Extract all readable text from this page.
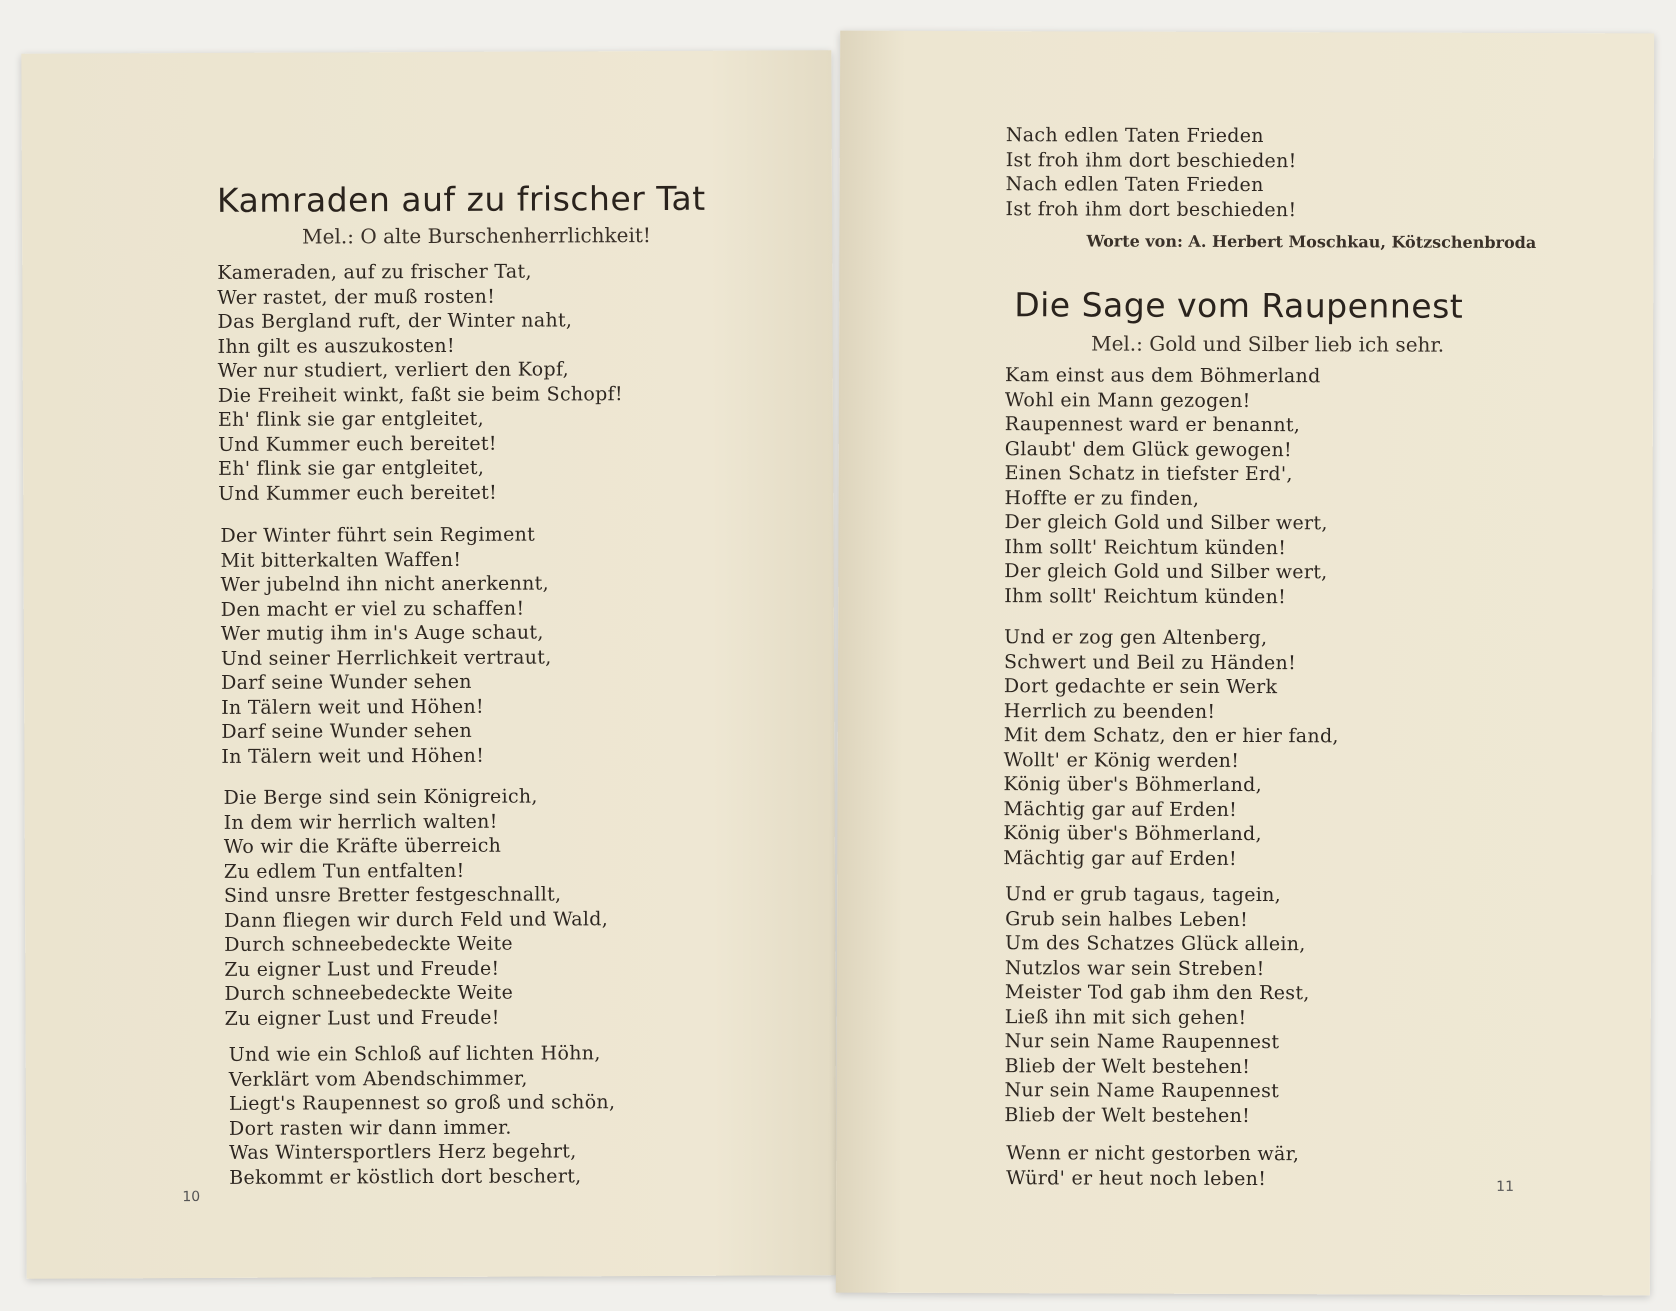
Kamraden auf zu frischer Tat
Mel.: O alte Burschenherrlichkeit!
Kameraden, auf zu frischer Tat,
Wer rastet, der muß rosten!
Das Bergland ruft, der Winter naht,
Ihn gilt es auszukosten!
Wer nur studiert, verliert den Kopf,
Die Freiheit winkt, faßt sie beim Schopf!
Eh' flink sie gar entgleitet,
Und Kummer euch bereitet!
Eh' flink sie gar entgleitet,
Und Kummer euch bereitet!
Der Winter führt sein Regiment
Mit bitterkalten Waffen!
Wer jubelnd ihn nicht anerkennt,
Den macht er viel zu schaffen!
Wer mutig ihm in's Auge schaut,
Und seiner Herrlichkeit vertraut,
Darf seine Wunder sehen
In Tälern weit und Höhen!
Darf seine Wunder sehen
In Tälern weit und Höhen!
Die Berge sind sein Königreich,
In dem wir herrlich walten!
Wo wir die Kräfte überreich
Zu edlem Tun entfalten!
Sind unsre Bretter festgeschnallt,
Dann fliegen wir durch Feld und Wald,
Durch schneebedeckte Weite
Zu eigner Lust und Freude!
Durch schneebedeckte Weite
Zu eigner Lust und Freude!
Und wie ein Schloß auf lichten Höhn,
Verklärt vom Abendschimmer,
Liegt's Raupennest so groß und schön,
Dort rasten wir dann immer.
Was Wintersportlers Herz begehrt,
Bekommt er köstlich dort beschert,
10
Nach edlen Taten Frieden
Ist froh ihm dort beschieden!
Nach edlen Taten Frieden
Ist froh ihm dort beschieden!
Worte von: A. Herbert Moschkau, Kötzschenbroda
Die Sage vom Raupennest
Mel.: Gold und Silber lieb ich sehr.
Kam einst aus dem Böhmerland
Wohl ein Mann gezogen!
Raupennest ward er benannt,
Glaubt' dem Glück gewogen!
Einen Schatz in tiefster Erd',
Hoffte er zu finden,
Der gleich Gold und Silber wert,
Ihm sollt' Reichtum künden!
Der gleich Gold und Silber wert,
Ihm sollt' Reichtum künden!
Und er zog gen Altenberg,
Schwert und Beil zu Händen!
Dort gedachte er sein Werk
Herrlich zu beenden!
Mit dem Schatz, den er hier fand,
Wollt' er König werden!
König über's Böhmerland,
Mächtig gar auf Erden!
König über's Böhmerland,
Mächtig gar auf Erden!
Und er grub tagaus, tagein,
Grub sein halbes Leben!
Um des Schatzes Glück allein,
Nutzlos war sein Streben!
Meister Tod gab ihm den Rest,
Ließ ihn mit sich gehen!
Nur sein Name Raupennest
Blieb der Welt bestehen!
Nur sein Name Raupennest
Blieb der Welt bestehen!
Wenn er nicht gestorben wär,
Würd' er heut noch leben!	11
